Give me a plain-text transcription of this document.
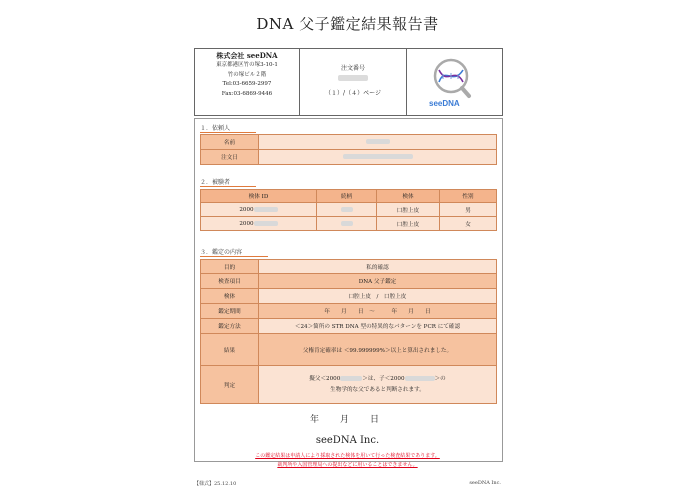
DNA 父子鑑定結果報告書
株式会社 seeDNA
東京都港区竹の塚3-10-1
竹の塚ビル２階
Tel:03-6659-2997
Fax:03-6869-9446
注文番号
（１）/（４）ページ
seeDNA
１．依頼人
名前	
注文日	
２．被験者
検体 ID	続柄	検体	性別
2000		口腔上皮	男
2000		口腔上皮	女
３．鑑定の内容
目的	私的確認
検査項目	DNA 父子鑑定
検体	口腔上皮　/　口腔上皮
鑑定期間	年　　月　　日　～　　　年　　月　　日
鑑定方法	＜24＞箇所の STR DNA 型の特異的なパターンを PCR にて確認
結果	父権肯定確率は ＜99.999999%＞以上と算出されました。
判定	擬父＜2000 ＞は、子＜2000 ＞の
生物学的な父であると判断されます。
年　月　日
seeDNA Inc.
この鑑定結果は申請人により採取された検体を用いて行った検査結果であります。
裁判所や入国管理局への提出などに用いることはできません。
【様式】25.12.10	seeDNA Inc.
